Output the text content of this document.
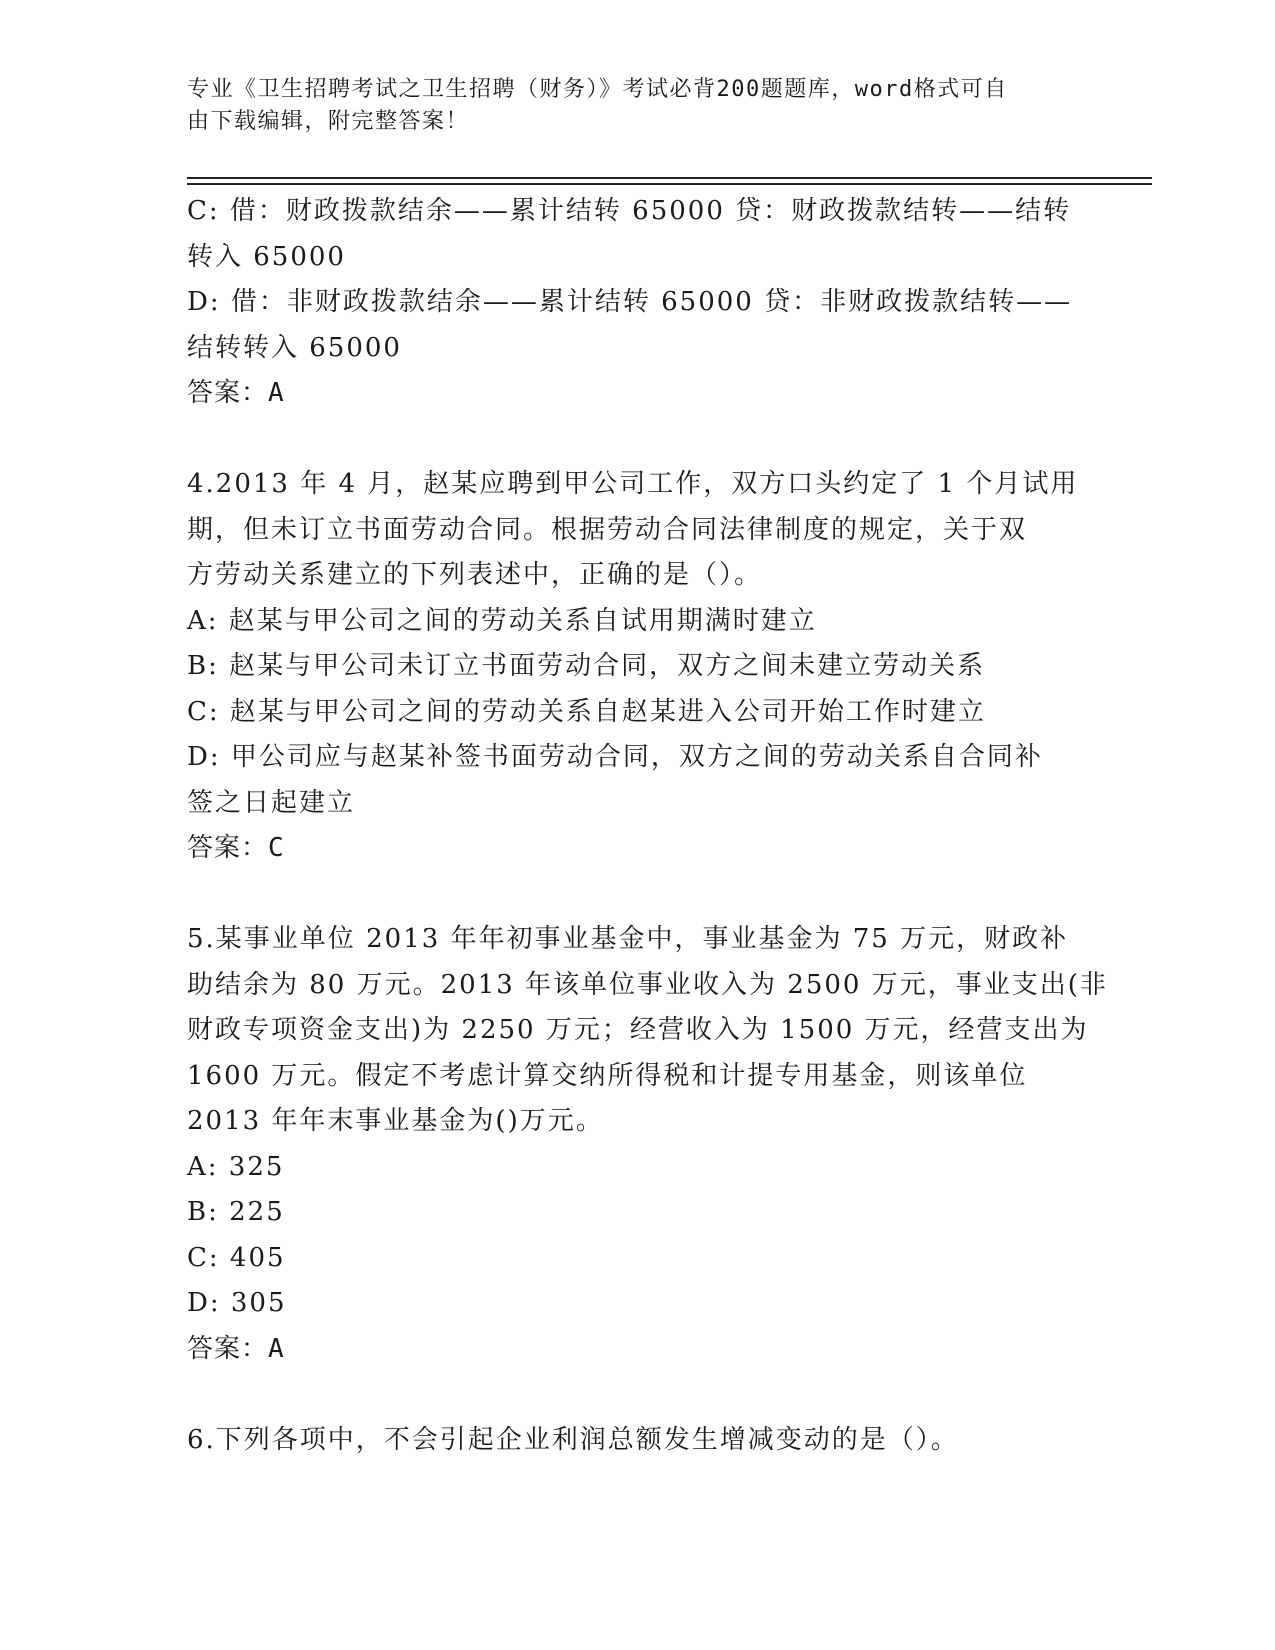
专业《卫生招聘考试之卫生招聘（财务）》考试必背200题题库，word格式可自
由下载编辑，附完整答案！
C: 借：财政拨款结余——累计结转 65000 贷：财政拨款结转——结转
转入 65000
D: 借：非财政拨款结余——累计结转 65000 贷：非财政拨款结转——
结转转入 65000
答案：A
4.2013 年 4 月，赵某应聘到甲公司工作，双方口头约定了 1 个月试用
期，但未订立书面劳动合同。根据劳动合同法律制度的规定，关于双
方劳动关系建立的下列表述中，正确的是（）。
A: 赵某与甲公司之间的劳动关系自试用期满时建立
B: 赵某与甲公司未订立书面劳动合同，双方之间未建立劳动关系
C: 赵某与甲公司之间的劳动关系自赵某进入公司开始工作时建立
D: 甲公司应与赵某补签书面劳动合同，双方之间的劳动关系自合同补
签之日起建立
答案：C
5.某事业单位 2013 年年初事业基金中，事业基金为 75 万元，财政补
助结余为 80 万元。2013 年该单位事业收入为 2500 万元，事业支出(非
财政专项资金支出)为 2250 万元；经营收入为 1500 万元，经营支出为
1600 万元。假定不考虑计算交纳所得税和计提专用基金，则该单位
2013 年年末事业基金为()万元。
A: 325
B: 225
C: 405
D: 305
答案：A
6.下列各项中，不会引起企业利润总额发生增减变动的是（）。
